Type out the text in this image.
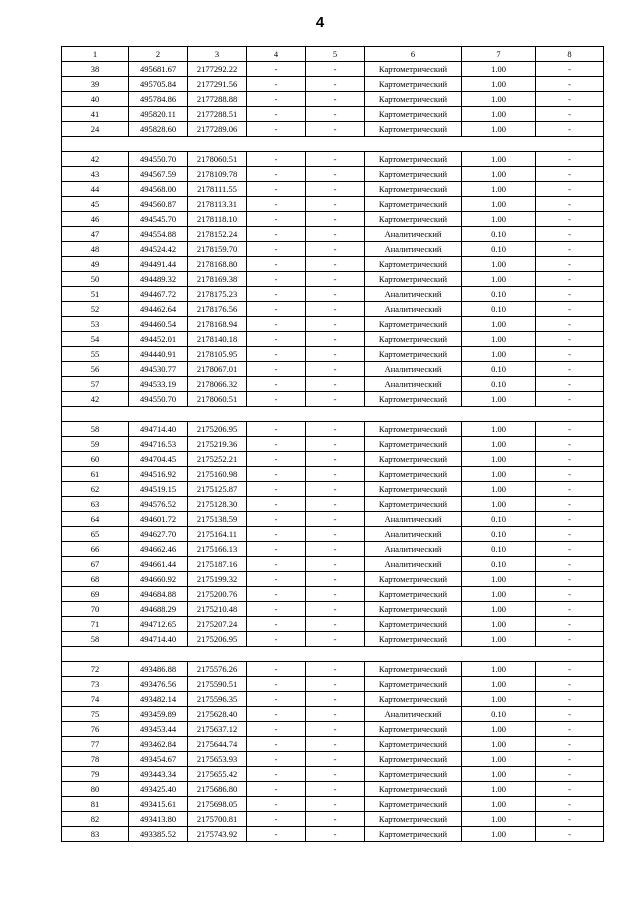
4
1	2	3	4	5	6	7	8
38	495681.67	2177292.22	-	-	Картометрический	1.00	-
39	495705.84	2177291.56	-	-	Картометрический	1.00	-
40	495784.86	2177288.88	-	-	Картометрический	1.00	-
41	495820.11	2177288.51	-	-	Картометрический	1.00	-
24	495828.60	2177289.06	-	-	Картометрический	1.00	-

42	494550.70	2178060.51	-	-	Картометрический	1.00	-
43	494567.59	2178109.78	-	-	Картометрический	1.00	-
44	494568.00	2178111.55	-	-	Картометрический	1.00	-
45	494560.87	2178113.31	-	-	Картометрический	1.00	-
46	494545.70	2178118.10	-	-	Картометрический	1.00	-
47	494554.88	2178152.24	-	-	Аналитический	0.10	-
48	494524.42	2178159.70	-	-	Аналитический	0.10	-
49	494491.44	2178168.80	-	-	Картометрический	1.00	-
50	494489.32	2178169.38	-	-	Картометрический	1.00	-
51	494467.72	2178175.23	-	-	Аналитический	0.10	-
52	494462.64	2178176.56	-	-	Аналитический	0.10	-
53	494460.54	2178168.94	-	-	Картометрический	1.00	-
54	494452.01	2178140.18	-	-	Картометрический	1.00	-
55	494440.91	2178105.95	-	-	Картометрический	1.00	-
56	494530.77	2178067.01	-	-	Аналитический	0.10	-
57	494533.19	2178066.32	-	-	Аналитический	0.10	-
42	494550.70	2178060.51	-	-	Картометрический	1.00	-

58	494714.40	2175206.95	-	-	Картометрический	1.00	-
59	494716.53	2175219.36	-	-	Картометрический	1.00	-
60	494704.45	2175252.21	-	-	Картометрический	1.00	-
61	494516.92	2175160.98	-	-	Картометрический	1.00	-
62	494519.15	2175125.87	-	-	Картометрический	1.00	-
63	494576.52	2175128.30	-	-	Картометрический	1.00	-
64	494601.72	2175138.59	-	-	Аналитический	0.10	-
65	494627.70	2175164.11	-	-	Аналитический	0.10	-
66	494662.46	2175166.13	-	-	Аналитический	0.10	-
67	494661.44	2175187.16	-	-	Аналитический	0.10	-
68	494660.92	2175199.32	-	-	Картометрический	1.00	-
69	494684.88	2175200.76	-	-	Картометрический	1.00	-
70	494688.29	2175210.48	-	-	Картометрический	1.00	-
71	494712.65	2175207.24	-	-	Картометрический	1.00	-
58	494714.40	2175206.95	-	-	Картометрический	1.00	-

72	493486.88	2175576.26	-	-	Картометрический	1.00	-
73	493476.56	2175590.51	-	-	Картометрический	1.00	-
74	493482.14	2175596.35	-	-	Картометрический	1.00	-
75	493459.89	2175628.40	-	-	Аналитический	0.10	-
76	493453.44	2175637.12	-	-	Картометрический	1.00	-
77	493462.84	2175644.74	-	-	Картометрический	1.00	-
78	493454.67	2175653.93	-	-	Картометрический	1.00	-
79	493443.34	2175655.42	-	-	Картометрический	1.00	-
80	493425.40	2175686.80	-	-	Картометрический	1.00	-
81	493415.61	2175698.05	-	-	Картометрический	1.00	-
82	493413.80	2175700.81	-	-	Картометрический	1.00	-
83	493385.52	2175743.92	-	-	Картометрический	1.00	-
